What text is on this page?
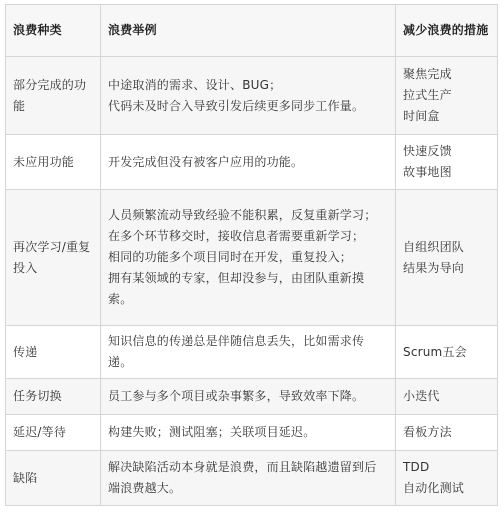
浪费种类	浪费举例	减少浪费的措施
部分完成的功能	中途取消的需求、设计、BUG；
代码未及时合入导致引发后续更多同步工作量。	聚焦完成
拉式生产
时间盒

未应用功能	开发完成但没有被客户应用的功能。	快速反馈
故事地图

再次学习/重复投入	人员频繁流动导致经验不能积累，反复重新学习；
在多个环节移交时，接收信息者需要重新学习；
相同的功能多个项目同时在开发，重复投入；
拥有某领域的专家，但却没参与，由团队重新摸索。	自组织团队
结果为导向

传递	知识信息的传递总是伴随信息丢失，比如需求传递。	Scrum五会

任务切换	员工参与多个项目或杂事繁多，导致效率下降。	小迭代

延迟/等待	构建失败；测试阻塞；关联项目延迟。	看板方法

缺陷	解决缺陷活动本身就是浪费，而且缺陷越遗留到后端浪费越大。	TDD
自动化测试
